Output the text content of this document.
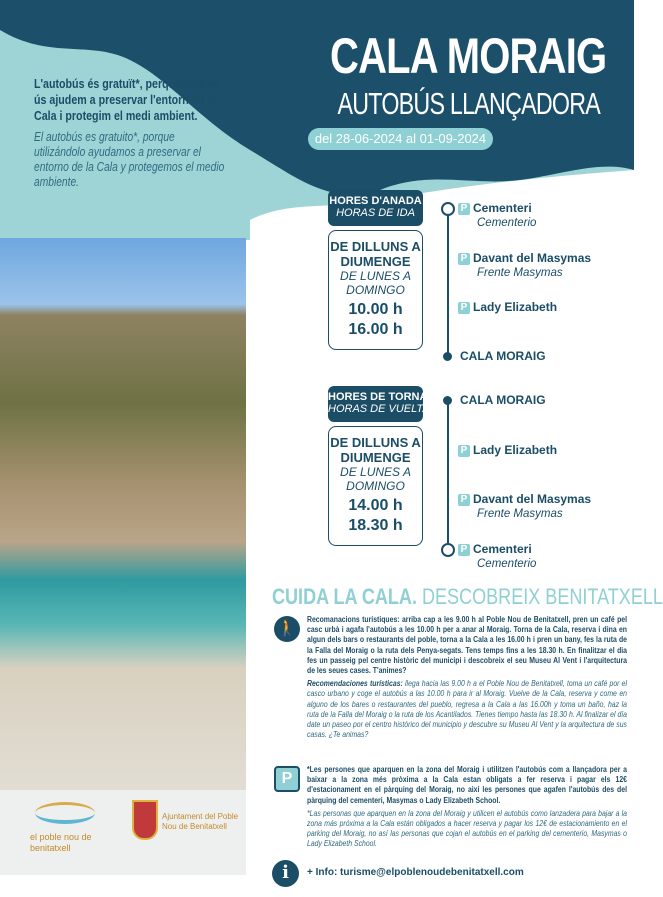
CALA MORAIG
AUTOBÚS LLANÇADORA
del 28-06-2024 al 01-09-2024
L'autobús és gratuït*, perquè fent-ne ús ajudem a preservar l'entorn de la Cala i protegim el medi ambient.
El autobús es gratuito*, porque utilizándolo ayudamos a preservar el entorno de la Cala y protegemos el medio ambiente.
el poble nou de benitatxell
Ajuntament del Poble Nou de Benitatxell
HORES D'ANADA
HORAS DE IDA
DE DILLUNS A DIUMENGE
DE LUNES A DOMINGO
10.00 h
16.00 h
P Cementeri
Cementerio
P Davant del Masymas
Frente Masymas
P Lady Elizabeth
CALA MORAIG
HORES DE TORNADA
HORAS DE VUELTA
DE DILLUNS A DIUMENGE
DE LUNES A DOMINGO
14.00 h
18.30 h
CALA MORAIG
P Lady Elizabeth
P Davant del Masymas
Frente Masymas
P Cementeri
Cementerio
CUIDA LA CALA. DESCOBREIX BENITATXELL
🚶
Recomanacions turístiques: arriba cap a les 9.00 h al Poble Nou de Benitatxell, pren un café pel casc urbà i agafa l'autobús a les 10.00 h per a anar al Moraig. Torna de la Cala, reserva i dina en algun dels bars o restaurants del poble, torna a la Cala a les 16.00 h i pren un bany, fes la ruta de la Falla del Moraig o la ruta dels Penya-segats. Tens temps fins a les 18.30 h. En finalitzar el dia fes un passeig pel centre històric del municipi i descobreix el seu Museu Al Vent i l'arquitectura de les seues cases. T'animes?
Recomendaciones turísticas: llega hacia las 9.00 h a el Poble Nou de Benitatxell, toma un café por el casco urbano y coge el autobús a las 10.00 h para ir al Moraig. Vuelve de la Cala, reserva y come en alguno de los bares o restaurantes del pueblo, regresa a la Cala a las 16.00h y toma un baño, haz la ruta de la Falla del Moraig o la ruta de los Acantilados. Tienes tiempo hasta las 18.30 h. Al finalizar el día date un paseo por el centro histórico del municipio y descubre su Museu Al Vent y la arquitectura de sus casas. ¿Te animas?
P
*Les persones que aparquen en la zona del Moraig i utilitzen l'autobús com a llançadora per a baixar a la zona més pròxima a la Cala estan obligats a fer reserva i pagar els 12€ d'estacionament en el pàrquing del Moraig, no així les persones que agafen l'autobús des del pàrquing del cementeri, Masymas o Lady Elizabeth School.
*Las personas que aparquen en la zona del Moraig y utilicen el autobús como lanzadera para bajar a la zona más próxima a la Cala están obligados a hacer reserva y pagar los 12€ de estacionamiento en el parking del Moraig, no así las personas que cojan el autobús en el parking del cementerio, Masymas o Lady Elizabeth School.
i	+ Info: turisme@elpoblenoudebenitatxell.com
